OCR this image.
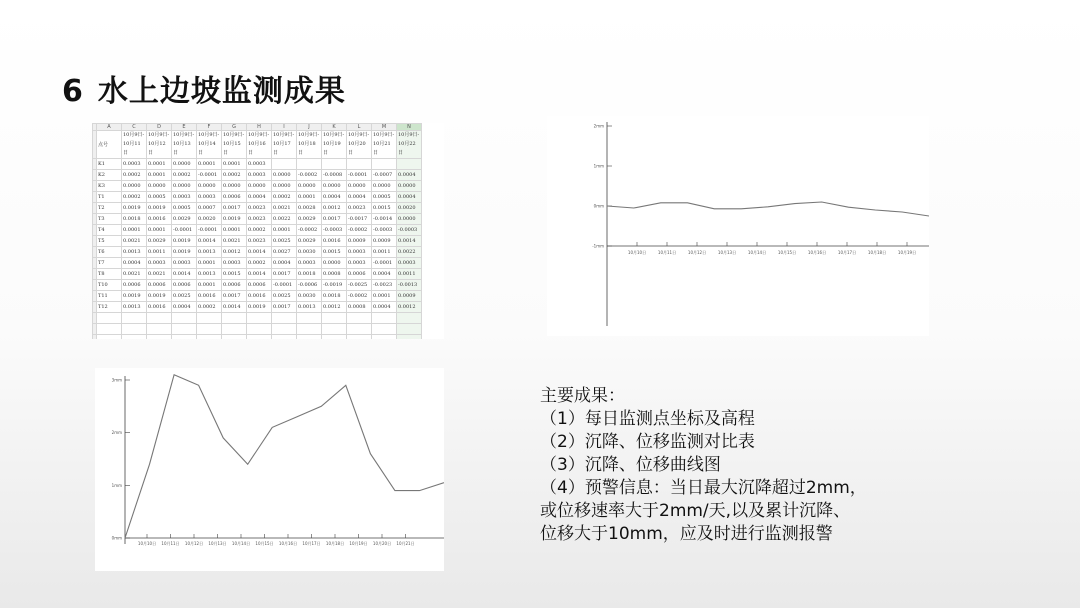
6 水上边坡监测成果
	A	C	D	E	F	G	H	I	J	K	L	M	N
	点号	10月9日-10月11日	10月9日-10月12日	10月9日-10月13日	10月9日-10月14日	10月9日-10月15日	10月9日-10月16日	10月9日-10月17日	10月9日-10月18日	10月9日-10月19日	10月9日-10月20日	10月9日-10月21日	10月9日-10月22日
	K1	0.0003	0.0001	0.0000	0.0001	0.0001	0.0003						
	K2	0.0002	0.0001	0.0002	-0.0001	0.0002	0.0003	0.0000	-0.0002	-0.0008	-0.0001	-0.0007	0.0004
	K3	0.0000	0.0000	0.0000	0.0000	0.0000	0.0000	0.0000	0.0000	0.0000	0.0000	0.0000	0.0000
	T1	0.0002	0.0005	0.0003	0.0003	0.0006	0.0004	0.0002	0.0001	0.0004	0.0004	0.0005	0.0004
	T2	0.0019	0.0019	0.0005	0.0007	0.0017	0.0023	0.0021	0.0028	0.0012	0.0023	0.0015	0.0020
	T3	0.0018	0.0016	0.0029	0.0020	0.0019	0.0023	0.0022	0.0029	0.0017	-0.0017	-0.0014	0.0000
	T4	0.0001	0.0001	-0.0001	-0.0001	0.0001	0.0002	0.0001	-0.0002	-0.0003	-0.0002	-0.0003	-0.0003
	T5	0.0021	0.0029	0.0019	0.0014	0.0021	0.0023	0.0025	0.0029	0.0016	0.0009	0.0009	0.0014
	T6	0.0013	0.0011	0.0019	0.0013	0.0012	0.0014	0.0027	0.0030	0.0015	0.0003	0.0011	0.0022
	T7	0.0004	0.0003	0.0003	0.0001	0.0003	0.0002	0.0004	0.0003	0.0000	0.0003	-0.0001	0.0003
	T8	0.0021	0.0021	0.0014	0.0013	0.0015	0.0014	0.0017	0.0018	0.0008	0.0006	0.0004	0.0011
	T10	0.0006	0.0006	0.0006	0.0001	0.0006	0.0006	-0.0001	-0.0006	-0.0019	-0.0025	-0.0023	-0.0013
	T11	0.0019	0.0019	0.0025	0.0016	0.0017	0.0016	0.0025	0.0030	0.0018	-0.0002	0.0001	0.0009
	T12	0.0013	0.0016	0.0004	0.0002	0.0014	0.0019	0.0017	0.0013	0.0012	0.0008	0.0004	0.0012

2mm
1mm
0mm
-1mm
10月10日	10月11日	10月12日	10月13日	10月14日	10月15日	10月16日	10月17日	10月18日	10月19日
3mm
2mm
1mm
0mm
10月10日 10月11日 10月12日 10月13日 10月14日 10月15日 10月16日 10月17日 10月18日 10月19日 10月20日 10月21日
主要成果：
（1）每日监测点坐标及高程
（2）沉降、位移监测对比表
（3）沉降、位移曲线图
（4）预警信息：当日最大沉降超过2mm，
或位移速率大于2mm/天,以及累计沉降、
位移大于10mm，应及时进行监测报警
